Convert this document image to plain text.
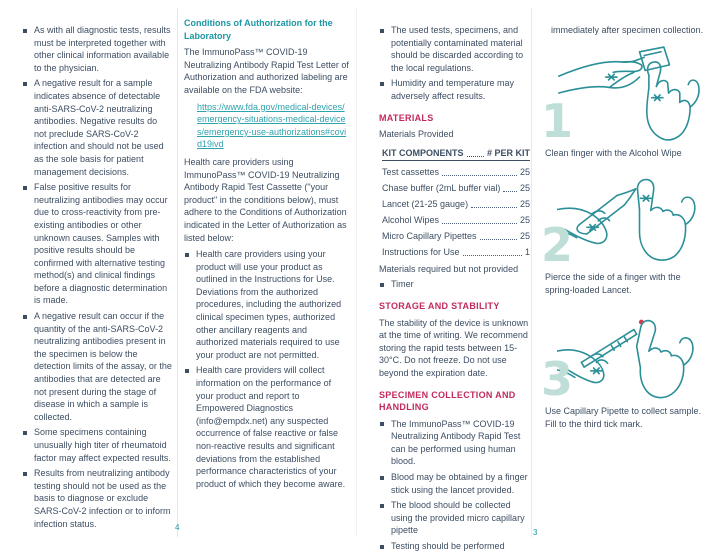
As with all diagnostic tests, results must be interpreted together with other clinical information available to the physician.
A negative result for a sample indicates absence of detectable anti-SARS-CoV-2 neutralizing antibodies. Negative results do not preclude SARS-CoV-2 infection and should not be used as the sole basis for patient management decisions.
False positive results for neutralizing antibodies may occur due to cross-reactivity from pre-existing antibodies or other unknown causes. Samples with positive results should be confirmed with alternative testing method(s) and clinical findings before a diagnostic determination is made.
A negative result can occur if the quantity of the anti-SARS-CoV-2 neutralizing antibodies present in the specimen is below the detection limits of the assay, or the antibodies that are detected are not present during the stage of disease in which a sample is collected.
Some specimens containing unusually high titer of rheumatoid factor may affect expected results.
Results from neutralizing antibody testing should not be used as the basis to diagnose or exclude SARS-CoV-2 infection or to inform infection status.
Conditions of Authorization for the Laboratory

The ImmunoPass™ COVID-19 Neutralizing Antibody Rapid Test Letter of Authorization and authorized labeling are available on the FDA website:

https://www.fda.gov/medical-devices/emergency-situations-medical-devices/emergency-use-authorizations#covid19ivd

Health care providers using ImmunoPass™ COVID-19 Neutralizing Antibody Rapid Test Cassette ("your product" in the conditions below), must adhere to the Conditions of Authorization indicated in the Letter of Authorization as listed below:

Health care providers using your product will use your product as outlined in the Instructions for Use. Deviations from the authorized procedures, including the authorized clinical specimen types, authorized other ancillary reagents and authorized materials required to use your product are not permitted.
Health care providers will collect information on the performance of your product and report to Empowered Diagnostics (info@empdx.net) any suspected occurrence of false reactive or false non-reactive results and significant deviations from the established performance characteristics of your product of which they become aware.
The used tests, specimens, and potentially contaminated material should be discarded according to the local regulations.
Humidity and temperature may adversely affect results.
MATERIALS
Materials Provided
KIT COMPONENTS	# PER KIT
Test cassettes	25
Chase buffer (2mL buffer vial) 25
Lancet (21-25 gauge)	25
Alcohol Wipes	25
Micro Capillary Pipettes	25
Instructions for Use	1
Materials required but not provided
Timer
STORAGE AND STABILITY

The stability of the device is unknown at the time of writing. We recommend storing the rapid tests between 15-30°C. Do not freeze. Do not use beyond the expiration date.

SPECIMEN COLLECTION AND HANDLING
The ImmunoPass™ COVID-19 Neutralizing Antibody Rapid Test can be performed using human blood.
Blood may be obtained by a finger stick using the lancet provided.
The blood should be collected using the provided micro capillary pipette
Testing should be performed
immediately after specimen collection.
1
Clean finger with the Alcohol Wipe
2
Pierce the side of a finger with the spring-loaded Lancet.
3
Use Capillary Pipette to collect sample. Fill to the third tick mark.
4
3
